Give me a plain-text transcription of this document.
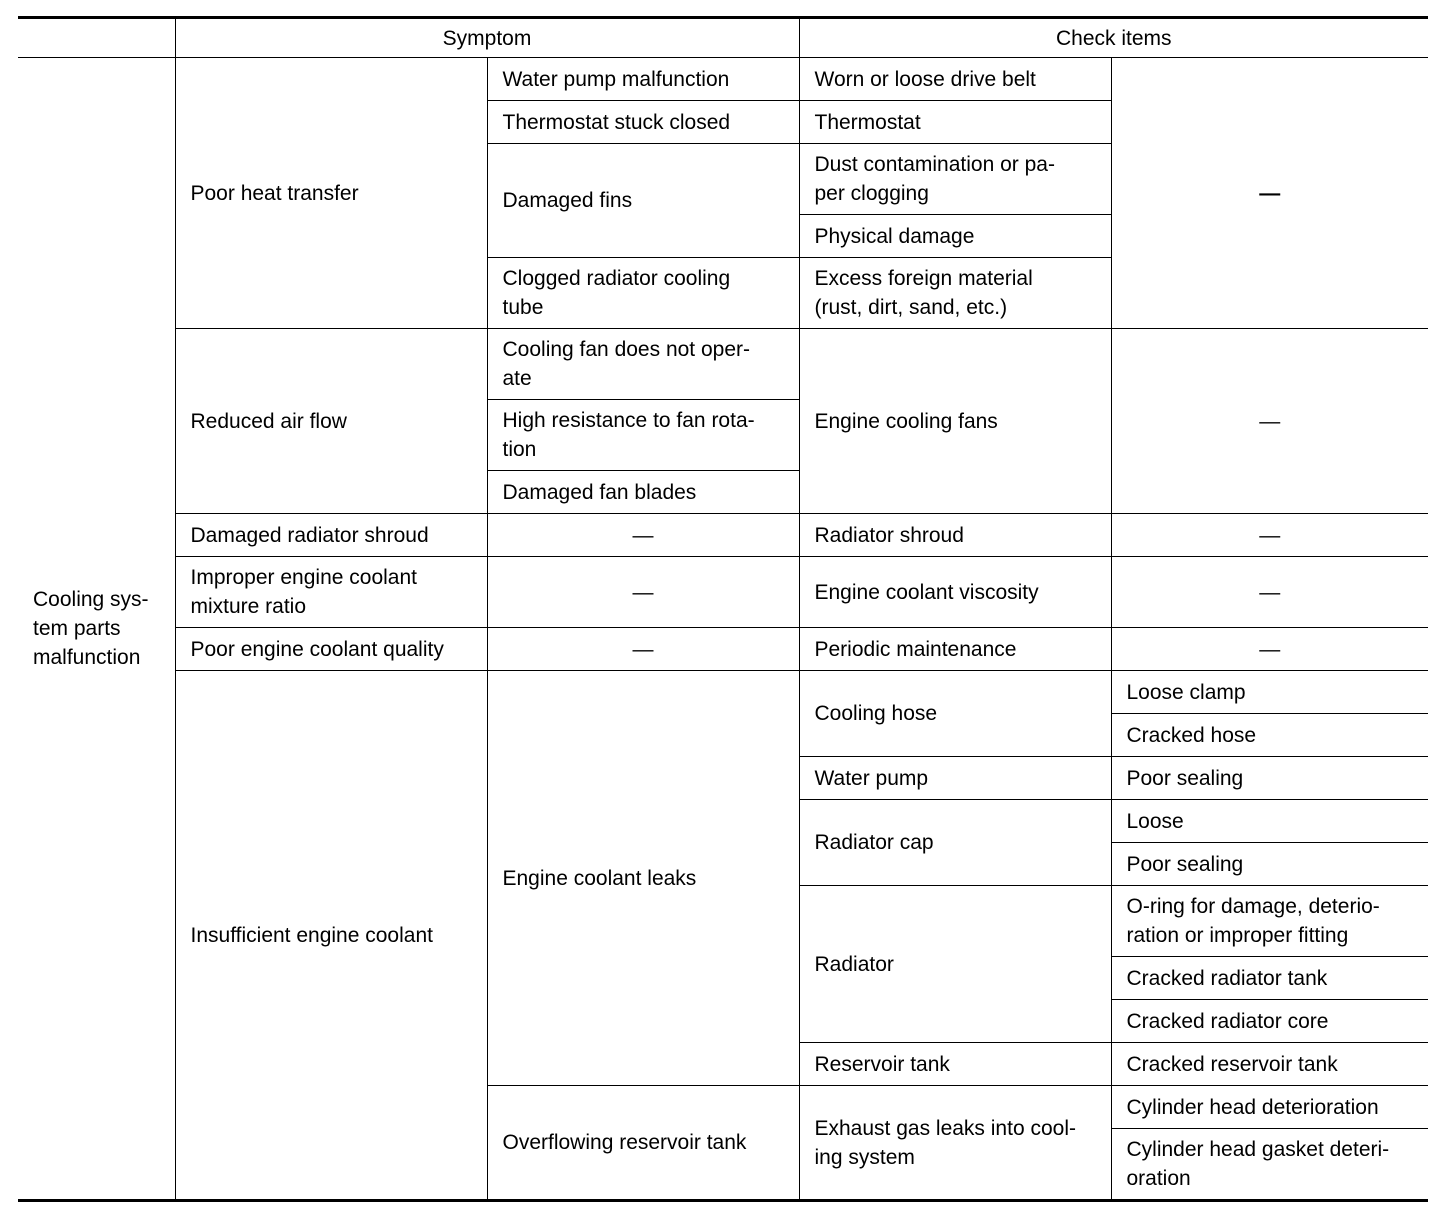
	Symptom		Check items	
Cooling sys-
tem parts
malfunction	Poor heat transfer	Water pump malfunction	Worn or loose drive belt	—
		Thermostat stuck closed	Thermostat	
		Damaged fins	Dust contamination or pa-
per clogging	
			Physical damage	
		Clogged radiator cooling
tube	Excess foreign material
(rust, dirt, sand, etc.)	
	Reduced air flow	Cooling fan does not oper-
ate	Engine cooling fans	—
		High resistance to fan rota-
tion		
		Damaged fan blades		
	Damaged radiator shroud	—	Radiator shroud	—
	Improper engine coolant
mixture ratio	—	Engine coolant viscosity	—
	Poor engine coolant quality	—	Periodic maintenance	—
	Insufficient engine coolant	Engine coolant leaks	Cooling hose	Loose clamp
				Cracked hose
			Water pump	Poor sealing
			Radiator cap	Loose
				Poor sealing
			Radiator	O-ring for damage, deterio-
ration or improper fitting
				Cracked radiator tank
				Cracked radiator core
			Reservoir tank	Cracked reservoir tank
		Overflowing reservoir tank	Exhaust gas leaks into cool-
ing system	Cylinder head deterioration
				Cylinder head gasket deteri-
oration
